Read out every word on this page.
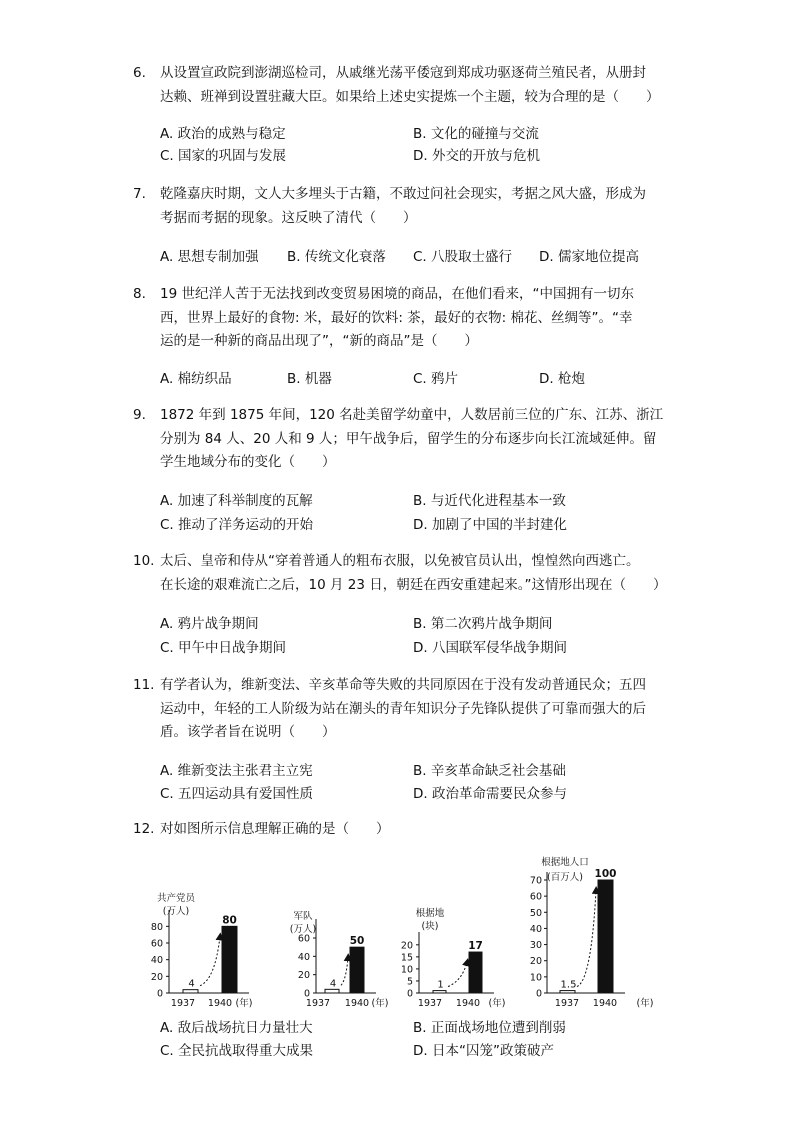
6.	从设置宣政院到澎湖巡检司，从戚继光荡平倭寇到郑成功驱逐荷兰殖民者，从册封
达赖、班禅到设置驻藏大臣。如果给上述史实提炼一个主题，较为合理的是（　　）
A. 政治的成熟与稳定	B. 文化的碰撞与交流
C. 国家的巩固与发展	D. 外交的开放与危机
7.	乾隆嘉庆时期，文人大多埋头于古籍，不敢过问社会现实，考据之风大盛，形成为
考据而考据的现象。这反映了清代（　　）
A. 思想专制加强 B. 传统文化衰落 C. 八股取士盛行 D. 儒家地位提高
8.	19 世纪洋人苦于无法找到改变贸易困境的商品，在他们看来，“中国拥有一切东
西，世界上最好的食物: 米，最好的饮料: 茶，最好的衣物: 棉花、丝绸等”。“幸
运的是一种新的商品出现了”，“新的商品”是（　　）
A. 棉纺织品	B. 机器	C. 鸦片	D. 枪炮
9.	1872 年到 1875 年间，120 名赴美留学幼童中，人数居前三位的广东、江苏、浙江
分别为 84 人、20 人和 9 人；甲午战争后，留学生的分布逐步向长江流域延伸。留
学生地域分布的变化（　　）
A. 加速了科举制度的瓦解	B. 与近代化进程基本一致
C. 推动了洋务运动的开始	D. 加剧了中国的半封建化
10. 太后、皇帝和侍从“穿着普通人的粗布衣服，以免被官员认出，惶惶然向西逃亡。
在长途的艰难流亡之后，10 月 23 日，朝廷在西安重建起来。”这情形出现在（　　）
A. 鸦片战争期间	B. 第二次鸦片战争期间
C. 甲午中日战争期间	D. 八国联军侵华战争期间
11. 有学者认为，维新变法、辛亥革命等失败的共同原因在于没有发动普通民众；五四
运动中，年轻的工人阶级为站在潮头的青年知识分子先锋队提供了可靠而强大的后
盾。该学者旨在说明（　　）
A. 维新变法主张君主立宪	B. 辛亥革命缺乏社会基础
C. 五四运动具有爱国性质	D. 政治革命需要民众参与
12. 对如图所示信息理解正确的是（　　）
A. 敌后战场抗日力量壮大	B. 正面战场地位遭到削弱
C. 全民抗战取得重大成果	D. 日本“囚笼”政策破产
共产党员
(万人)
0
20
40
60
80
4
80
1937 1940 (年)
军队
(万人)
0
20
40
60
4
50
1937 1940 (年)
根据地
(块)
0
5
10
15
20
1
17
1937 1940 (年)
根据地人口
(百万人)
0
10
20
30
40
50
60
70
1.5
100
1937 1940 (年)
